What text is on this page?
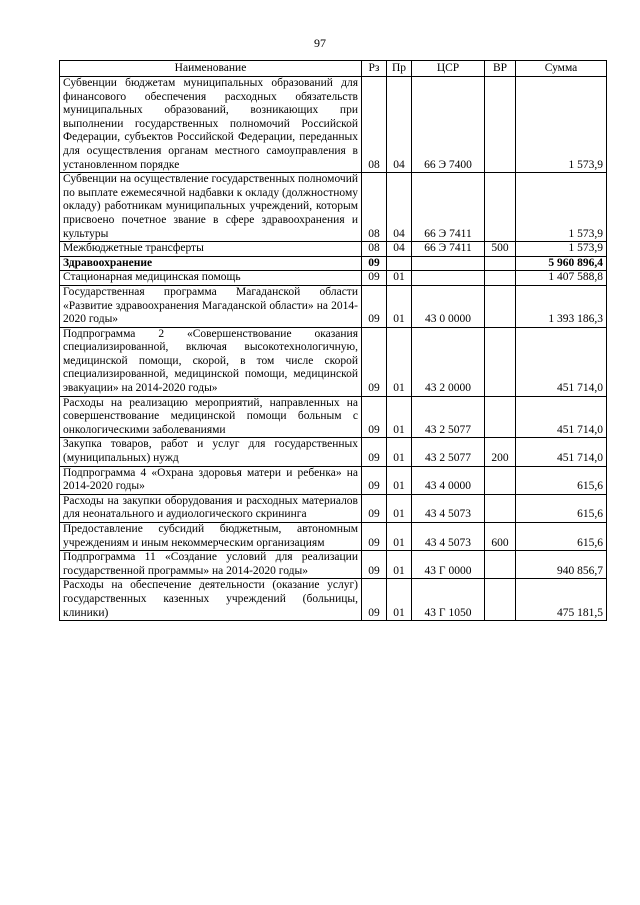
97
Наименование	Рз	Пр	ЦСР	ВР	Сумма
Субвенции бюджетам муниципальных образований для финансового обеспечения расходных обязательств муниципальных образований, возникающих при выполнении государственных полномочий Российской Федерации, субъектов Российской Федерации, переданных для осуществления органам местного самоуправления в установленном порядке	08	04	66 Э 7400		1 573,9
Субвенции на осуществление государственных полномочий по выплате ежемесячной надбавки к окладу (должностному окладу) работникам муниципальных учреждений, которым присвоено почетное звание в сфере здравоохранения и культуры	08	04	66 Э 7411		1 573,9
Межбюджетные трансферты	08	04	66 Э 7411	500	1 573,9
Здравоохранение	09				5 960 896,4
Стационарная медицинская помощь	09	01			1 407 588,8
Государственная программа Магаданской области «Развитие здравоохранения Магаданской области» на 2014-2020 годы»	09	01	43 0 0000		1 393 186,3
Подпрограмма 2 «Совершенствование оказания специализированной, включая высокотехнологичную, медицинской помощи, скорой, в том числе скорой специализированной, медицинской помощи, медицинской эвакуации» на 2014-2020 годы»	09	01	43 2 0000		451 714,0
Расходы на реализацию мероприятий, направленных на совершенствование медицинской помощи больным с онкологическими заболеваниями	09	01	43 2 5077		451 714,0
Закупка товаров, работ и услуг для государственных (муниципальных) нужд	09	01	43 2 5077	200	451 714,0
Подпрограмма 4 «Охрана здоровья матери и ребенка» на 2014-2020 годы»	09	01	43 4 0000		615,6
Расходы на закупки оборудования и расходных материалов для неонатального и аудиологического скрининга	09	01	43 4 5073		615,6
Предоставление субсидий бюджетным, автономным учреждениям и иным некоммерческим организациям	09	01	43 4 5073	600	615,6
Подпрограмма 11 «Создание условий для реализации государственной программы» на 2014-2020 годы»	09	01	43 Г 0000		940 856,7
Расходы на обеспечение деятельности (оказание услуг) государственных казенных учреждений (больницы, клиники)	09	01	43 Г 1050		475 181,5
